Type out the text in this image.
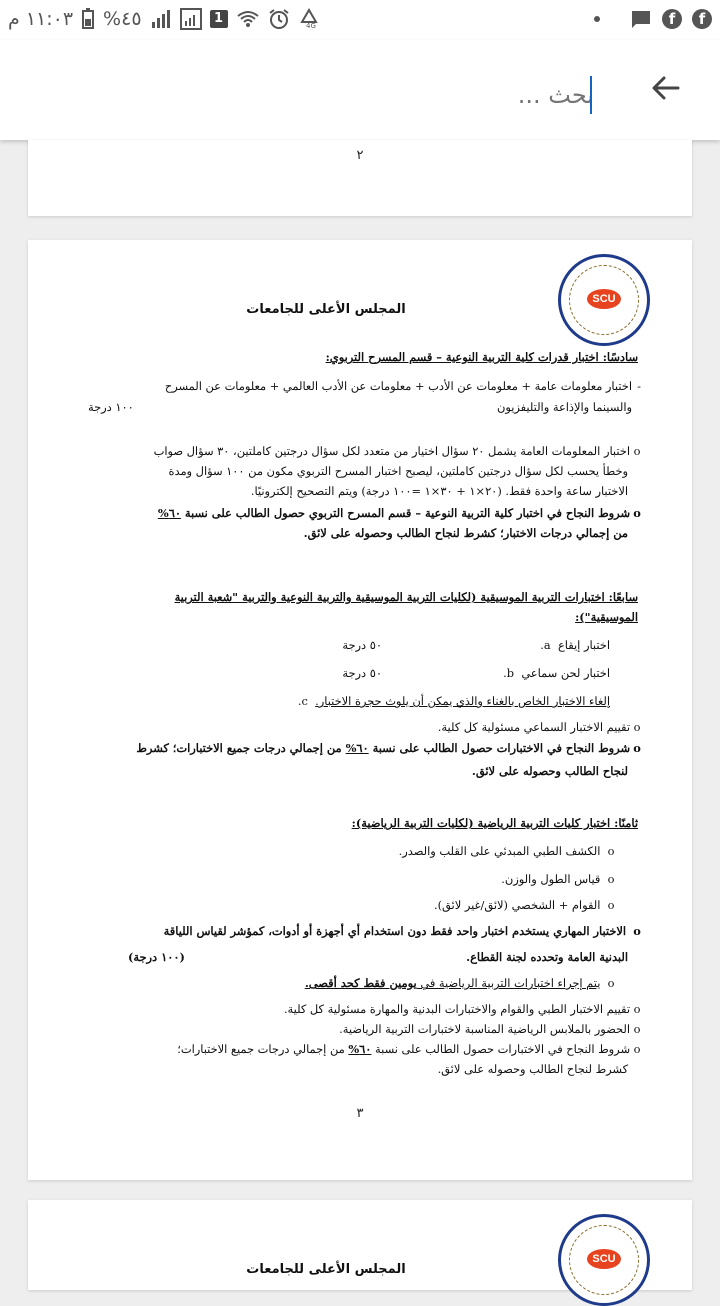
١١:٠٣ م %٤٥	1	4G	f	f
بحث ...
٢
SCU
المجلس الأعلى للجامعات
سادسًا: اختبار قدرات كلية التربية النوعية – قسم المسرح التربوي:
-اختبار معلومات عامة + معلومات عن الأدب + معلومات عن الأدب العالمي + معلومات عن المسرح
والسينما والإذاعة والتليفزيون
١٠٠ درجة
oاختبار المعلومات العامة يشمل ٢٠ سؤال اختيار من متعدد لكل سؤال درجتين كاملتين، ٣٠ سؤال صواب
وخطأ يحسب لكل سؤال درجتين كاملتين، ليصبح اختبار المسرح التربوي مكون من ١٠٠ سؤال ومدة
الاختبار ساعة واحدة فقط. (٢٠×١ + ٣٠×١ =١٠٠ درجة) ويتم التصحيح إلكترونيًا.
oشروط النجاح في اختبار كلية التربية النوعية – قسم المسرح التربوي حصول الطالب على نسبة ٦٠%
من إجمالي درجات الاختبار؛ كشرط لنجاح الطالب وحصوله على لائق.
سابعًا: اختبارات التربية الموسيقية (لكليات التربية الموسيقية والتربية النوعية والتربية "شعبة التربية
الموسيقية"):
اختبار إيقاع  a.
٥٠ درجة
اختبار لحن سماعي  b.
٥٠ درجة
إلغاء الاختبار الخاص بالغناء والذي يمكن أن يلوث حجرة الاختبار.  c.
oتقييم الاختبار السماعي مسئولية كل كلية.
oشروط النجاح في الاختبارات حصول الطالب على نسبة ٦٠% من إجمالي درجات جميع الاختبارات؛ كشرط
لنجاح الطالب وحصوله على لائق.
ثامنًا: اختبار كليات التربية الرياضية (لكليات التربية الرياضية):
o الكشف الطبي المبدئي على القلب والصدر.
o قياس الطول والوزن.
o القوام + الشخصي (لائق/غير لائق).
o الاختبار المهاري يستخدم اختبار واحد فقط دون استخدام أي أجهزة أو أدوات، كمؤشر لقياس اللياقة
البدنية العامة وتحدده لجنة القطاع.
(١٠٠ درجة)
o يتم إجراء اختبارات التربية الرياضية في يومين فقط كحد أقصى.
oتقييم الاختبار الطبي والقوام والاختبارات البدنية والمهارة مسئولية كل كلية.
oالحضور بالملابس الرياضية المناسبة لاختبارات التربية الرياضية.
oشروط النجاح في الاختبارات حصول الطالب على نسبة ٦٠% من إجمالي درجات جميع الاختبارات؛
كشرط لنجاح الطالب وحصوله على لائق.
٣
SCU
المجلس الأعلى للجامعات
